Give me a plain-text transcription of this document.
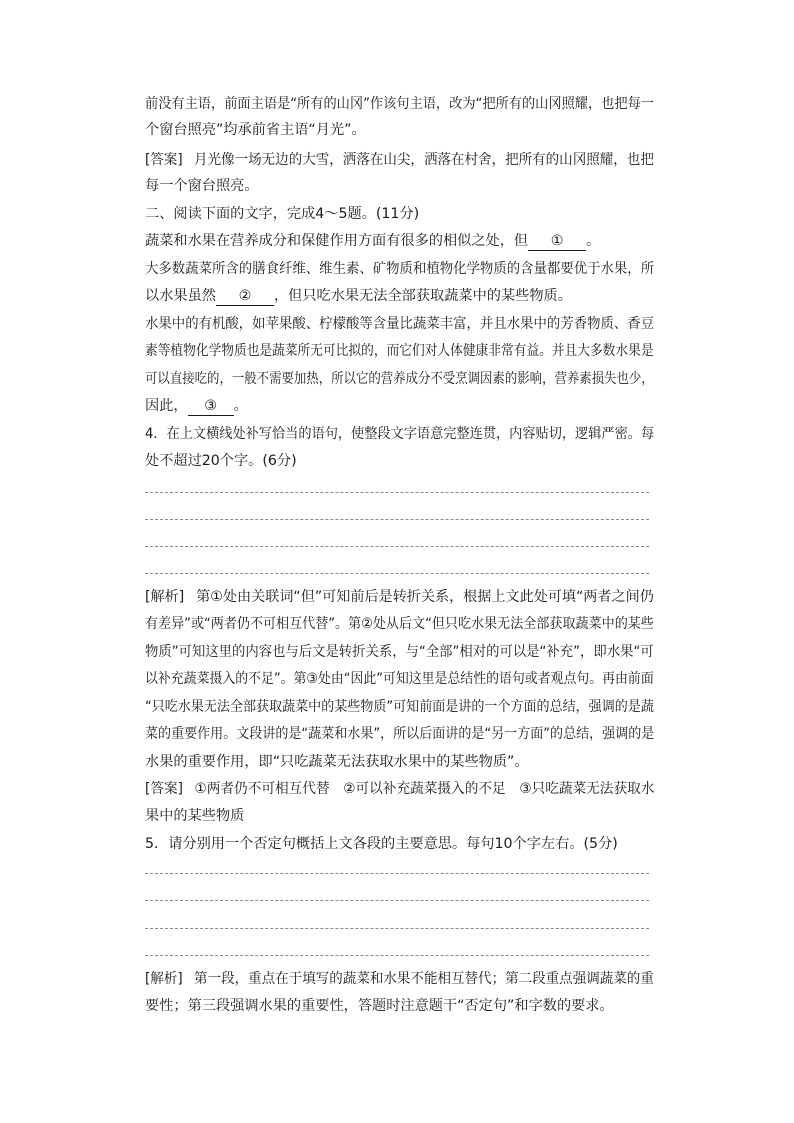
前没有主语，前面主语是“所有的山冈”作该句主语，改为“把所有的山冈照耀，也把每一
个窗台照亮”均承前省主语“月光”。
[答案] 月光像一场无边的大雪，洒落在山尖，洒落在村舍，把所有的山冈照耀，也把
每一个窗台照亮。
二、阅读下面的文字，完成4～5题。(11分)
蔬菜和水果在营养成分和保健作用方面有很多的相似之处，但 ① 。
大多数蔬菜所含的膳食纤维、维生素、矿物质和植物化学物质的含量都要优于水果，所
以水果虽然 ② ，但只吃水果无法全部获取蔬菜中的某些物质。
水果中的有机酸，如苹果酸、柠檬酸等含量比蔬菜丰富，并且水果中的芳香物质、香豆
素等植物化学物质也是蔬菜所无可比拟的，而它们对人体健康非常有益。并且大多数水果是
可以直接吃的，一般不需要加热，所以它的营养成分不受烹调因素的影响，营养素损失也少，
因此， ③ 。
4．在上文横线处补写恰当的语句，使整段文字语意完整连贯，内容贴切，逻辑严密。每
处不超过20个字。(6分)
[解析] 第①处由关联词“但”可知前后是转折关系，根据上文此处可填“两者之间仍
有差异”或“两者仍不可相互代替”。第②处从后文“但只吃水果无法全部获取蔬菜中的某些
物质”可知这里的内容也与后文是转折关系，与“全部”相对的可以是“补充”，即水果“可
以补充蔬菜摄入的不足”。第③处由“因此”可知这里是总结性的语句或者观点句。再由前面
“只吃水果无法全部获取蔬菜中的某些物质”可知前面是讲的一个方面的总结，强调的是蔬
菜的重要作用。文段讲的是“蔬菜和水果”，所以后面讲的是“另一方面”的总结，强调的是
水果的重要作用，即“只吃蔬菜无法获取水果中的某些物质”。
[答案] ①两者仍不可相互代替　②可以补充蔬菜摄入的不足　③只吃蔬菜无法获取水
果中的某些物质
5．请分别用一个否定句概括上文各段的主要意思。每句10个字左右。(5分)
[解析] 第一段，重点在于填写的蔬菜和水果不能相互替代；第二段重点强调蔬菜的重
要性；第三段强调水果的重要性，答题时注意题干“否定句”和字数的要求。
